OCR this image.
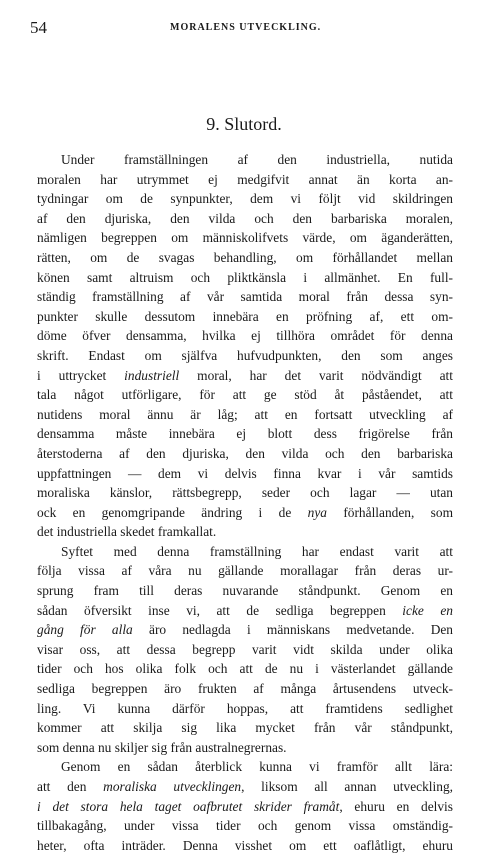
54	MORALENS UTVECKLING.
9. Slutord.
Under framställningen af den industriella, nutida
moralen har utrymmet ej medgifvit annat än korta an-
tydningar om de synpunkter, dem vi följt vid skildringen
af den djuriska, den vilda och den barbariska moralen,
nämligen begreppen om människolifvets värde, om äganderätten,
rätten, om de svagas behandling, om förhållandet mellan
könen samt altruism och pliktkänsla i allmänhet. En full-
ständig framställning af vår samtida moral från dessa syn-
punkter skulle dessutom innebära en pröfning af, ett om-
döme öfver densamma, hvilka ej tillhöra området för denna
skrift. Endast om själfva hufvudpunkten, den som anges
i uttrycket industriell moral, har det varit nödvändigt att
tala något utförligare, för att ge stöd åt påståendet, att
nutidens moral ännu är låg; att en fortsatt utveckling af
densamma måste innebära ej blott dess frigörelse från
återstoderna af den djuriska, den vilda och den barbariska
uppfattningen — dem vi delvis finna kvar i vår samtids
moraliska känslor, rättsbegrepp, seder och lagar — utan
ock en genomgripande ändring i de nya förhållanden, som
det industriella skedet framkallat.
Syftet med denna framställning har endast varit att
följa vissa af våra nu gällande morallagar från deras ur-
sprung fram till deras nuvarande ståndpunkt. Genom en
sådan öfversikt inse vi, att de sedliga begreppen icke en
gång för alla äro nedlagda i människans medvetande. Den
visar oss, att dessa begrepp varit vidt skilda under olika
tider och hos olika folk och att de nu i västerlandet gällande
sedliga begreppen äro frukten af många årtusendens utveck-
ling. Vi kunna därför hoppas, att framtidens sedlighet
kommer att skilja sig lika mycket från vår ståndpunkt,
som denna nu skiljer sig från australnegrernas.
Genom en sådan återblick kunna vi framför allt lära:
att den moraliska utvecklingen, liksom all annan utveckling,
i det stora hela taget oafbrutet skrider framåt, ehuru en delvis
tillbakagång, under vissa tider och genom vissa omständig-
heter, ofta inträder. Denna visshet om ett oaflåtligt, ehuru
